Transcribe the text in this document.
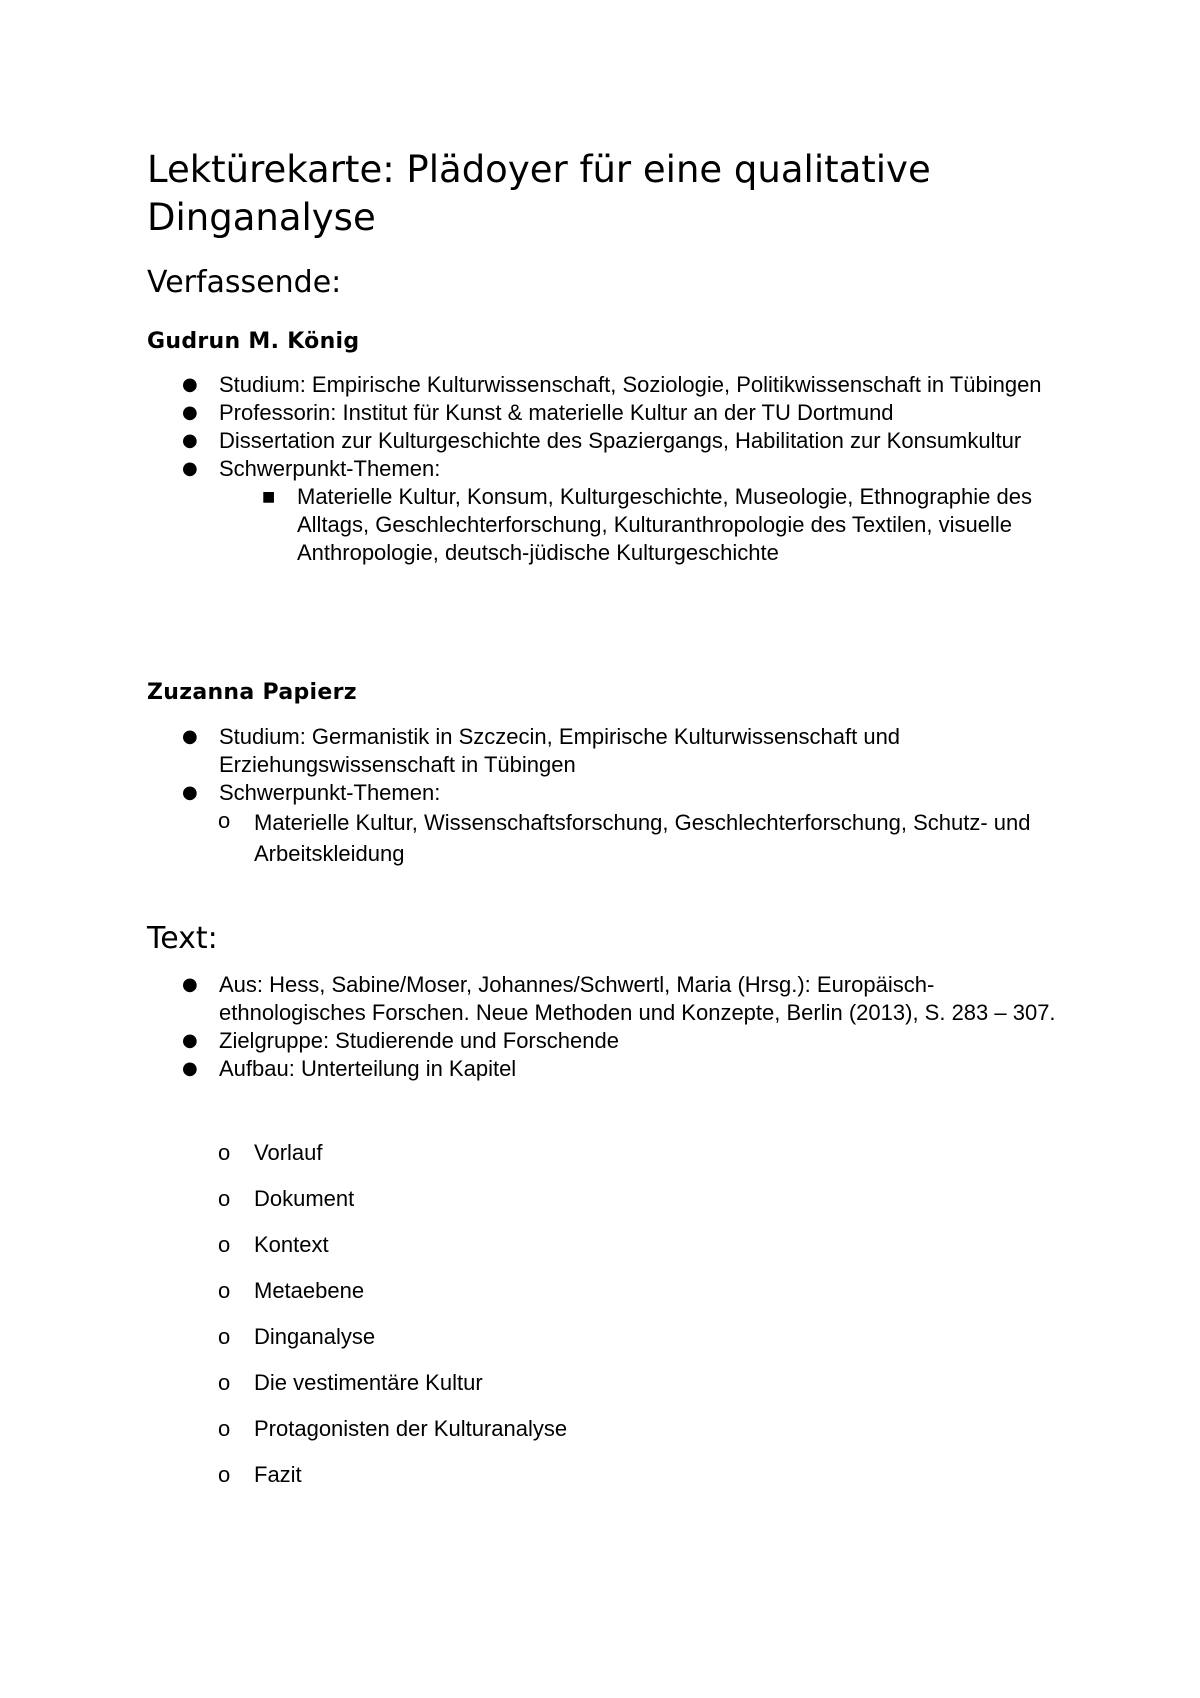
Lektürekarte: Plädoyer für eine qualitative Dinganalyse
Verfassende:
Gudrun M. König
● Studium: Empirische Kulturwissenschaft, Soziologie, Politikwissenschaft in Tübingen
● Professorin: Institut für Kunst & materielle Kultur an der TU Dortmund
● Dissertation zur Kulturgeschichte des Spaziergangs, Habilitation zur Konsumkultur
● Schwerpunkt-Themen:
■ Materielle Kultur, Konsum, Kulturgeschichte, Museologie, Ethnographie des Alltags, Geschlechterforschung, Kulturanthropologie des Textilen, visuelle Anthropologie, deutsch-jüdische Kulturgeschichte
Zuzanna Papierz
● Studium: Germanistik in Szczecin, Empirische Kulturwissenschaft und Erziehungswissenschaft in Tübingen
● Schwerpunkt-Themen:
o Materielle Kultur, Wissenschaftsforschung, Geschlechterforschung, Schutz- und Arbeitskleidung
Text:
● Aus: Hess, Sabine/Moser, Johannes/Schwertl, Maria (Hrsg.): Europäisch-ethnologisches Forschen. Neue Methoden und Konzepte, Berlin (2013), S. 283 – 307.
● Zielgruppe: Studierende und Forschende
● Aufbau: Unterteilung in Kapitel
o Vorlauf
o Dokument
o Kontext
o Metaebene
o Dinganalyse
o Die vestimentäre Kultur
o Protagonisten der Kulturanalyse
o Fazit
